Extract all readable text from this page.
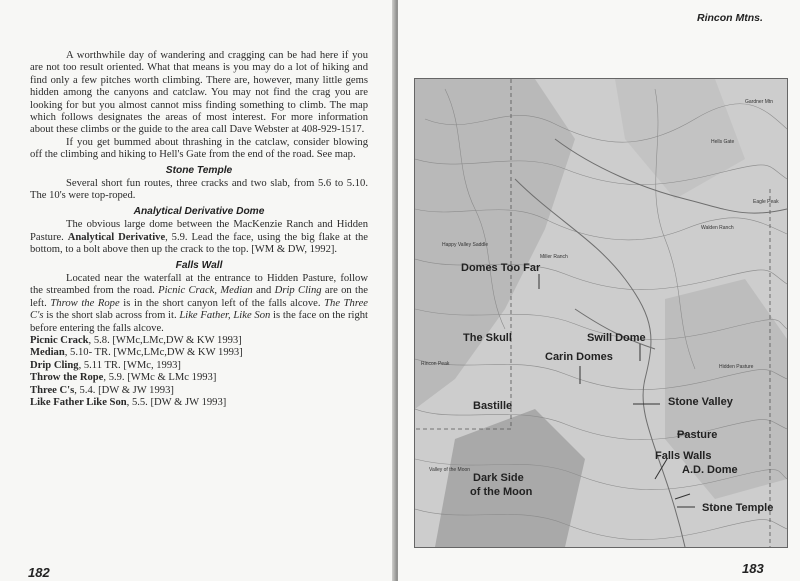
A worthwhile day of wandering and cragging can be had here if you are not too result oriented. What that means is you may do a lot of hiking and find only a few pitches worth climbing. There are, however, many little gems hidden among the canyons and catclaw. You may not find the crag you are looking for but you almost cannot miss finding something to climb. The map which follows designates the areas of most interest. For more information about these climbs or the guide to the area call Dave Webster at 408-929-1517.

If you get bummed about thrashing in the catclaw, consider blowing off the climbing and hiking to Hell's Gate from the end of the road. See map.

Stone Temple

Several short fun routes, three cracks and two slab, from 5.6 to 5.10. The 10's were top-roped.

Analytical Derivative Dome

The obvious large dome between the MacKenzie Ranch and Hidden Pasture. Analytical Derivative, 5.9. Lead the face, using the big flake at the bottom, to a bolt above then up the crack to the top. [WM & DW, 1992].

Falls Wall

Located near the waterfall at the entrance to Hidden Pasture, follow the streambed from the road. Picnic Crack, Median and Drip Cling are on the left. Throw the Rope is in the short canyon left of the falls alcove. The Three C's is the short slab across from it. Like Father, Like Son is the face on the right before entering the falls alcove.

Picnic Crack, 5.8. [WMc,LMc,DW & KW 1993]
Median, 5.10- TR. [WMc,LMc,DW & KW 1993]
Drip Cling, 5.11 TR. [WMc, 1993]
Throw the Rope, 5.9. [WMc & LMc 1993]
Three C's, 5.4. [DW & JW 1993]
Like Father Like Son, 5.5. [DW & JW 1993]
182
Rincon Mtns.
Happy Valley Saddle
Rincon Peak	Hidden Pasture
Miller Ranch
Valley of the Moon
Walden Ranch
Gardner Mtn
Eagle Peak
Hells Gate
Domes Too Far
The Skull	Swill Dome
Carin Domes
Bastille	Stone Valley
Pasture
Falls Walls
A.D. Dome
Dark Side
of the Moon
Stone Temple
183
